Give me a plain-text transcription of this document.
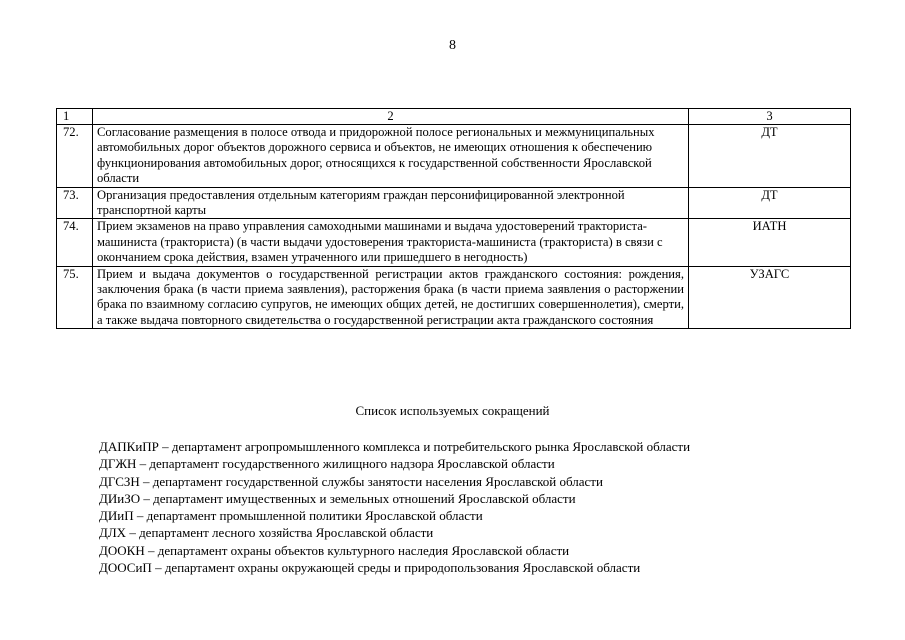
8
1	2	3
72.	Согласование размещения в полосе отвода и придорожной полосе региональных и межмуниципальных автомобильных дорог объектов дорожного сервиса и объектов, не имеющих отношения к обеспечению функционирования автомобильных дорог, относящихся к государственной собственности Ярославской области	ДТ
73.	Организация предоставления отдельным категориям граждан персонифицированной электронной транспортной карты	ДТ
74.	Прием экзаменов на право управления самоходными машинами и выдача удостоверений тракториста-машиниста (тракториста) (в части выдачи удостоверения тракториста-машиниста (тракториста) в связи с окончанием срока действия, взамен утраченного или пришедшего в негодность)	ИАТН
75.	Прием и выдача документов о государственной регистрации актов гражданского состояния: рождения, заключения брака (в части приема заявления), расторжения брака (в части приема заявления о расторжении брака по взаимному согласию супругов, не имеющих общих детей, не достигших совершеннолетия), смерти, а также выдача повторного свидетельства о государственной регистрации акта гражданского состояния	УЗАГС
Список используемых сокращений
ДАПКиПР – департамент агропромышленного комплекса и потребительского рынка Ярославской области
ДГЖН – департамент государственного жилищного надзора Ярославской области
ДГСЗН – департамент государственной службы занятости населения Ярославской области
ДИиЗО – департамент имущественных и земельных отношений Ярославской области
ДИиП – департамент промышленной политики Ярославской области
ДЛХ – департамент лесного хозяйства Ярославской области
ДООКН – департамент охраны объектов культурного наследия Ярославской области
ДООСиП – департамент охраны окружающей среды и природопользования Ярославской области
